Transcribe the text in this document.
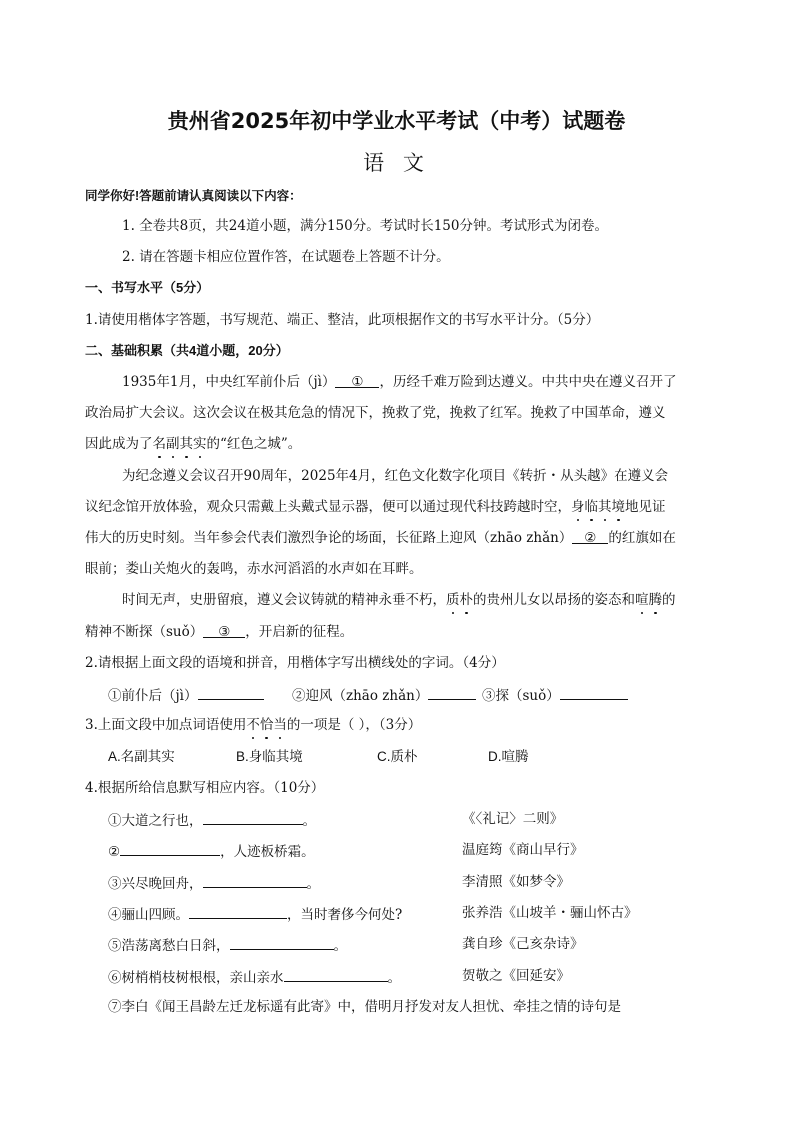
贵州省2025年初中学业水平考试（中考）试题卷
语 文
同学你好!答题前请认真阅读以下内容：
1. 全卷共8页，共24道小题，满分150分。考试时长150分钟。考试形式为闭卷。
2. 请在答题卡相应位置作答，在试题卷上答题不计分。
一、书写水平（5分）
1.请使用楷体字答题，书写规范、端正、整洁，此项根据作文的书写水平计分。（5分）
二、基础积累（共4道小题，20分）
1935年1月，中央红军前仆后（jì） ① ，历经千难万险到达遵义。中共中央在遵义召开了
政治局扩大会议。这次会议在极其危急的情况下，挽救了党，挽救了红军。挽救了中国革命，遵义
因此成为了名副其实的“红色之城”。
为纪念遵义会议召开90周年，2025年4月，红色文化数字化项目《转折・从头越》在遵义会
议纪念馆开放体验，观众只需戴上头戴式显示器，便可以通过现代科技跨越时空，身临其境地见证
伟大的历史时刻。当年参会代表们激烈争论的场面，长征路上迎风（zhāo zhǎn） ② 的红旗如在
眼前；娄山关炮火的轰鸣，赤水河滔滔的水声如在耳畔。
时间无声，史册留痕，遵义会议铸就的精神永垂不朽，质朴的贵州儿女以昂扬的姿态和喧腾的
精神不断探（suǒ） ③ ，开启新的征程。
2.请根据上面文段的语境和拼音，用楷体字写出横线处的字词。（4分）
①前仆后（jì）	②迎风（zhāo zhǎn）	③探（suǒ）
3.上面文段中加点词语使用不恰当的一项是（ ），（3分）
A.名副其实	B.身临其境	C.质朴	D.喧腾
4.根据所给信息默写相应内容。（10分）
①大道之行也，	。	《〈礼记〉二则》
②	，人迹板桥霜。	温庭筠《商山早行》
③兴尽晚回舟，	。	李清照《如梦令》
④骊山四顾。	，当时奢侈今何处?	张养浩《山坡羊・骊山怀古》
⑤浩荡离愁白日斜，	。	龚自珍《己亥杂诗》
⑥树梢梢枝树根根，亲山亲水	。	贺敬之《回延安》
⑦李白《闻王昌龄左迁龙标遥有此寄》中，借明月抒发对友人担忧、牵挂之情的诗句是
